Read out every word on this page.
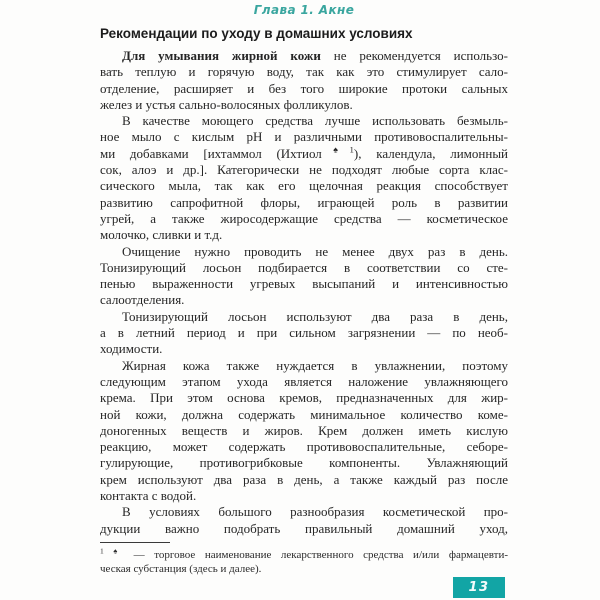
Глава 1. Акне
Рекомендации по уходу в домашних условиях
Для умывания жирной кожи не рекомендуется использо-
вать теплую и горячую воду, так как это стимулирует сало-
отделение, расширяет и без того широкие протоки сальных
желез и устья сально-волосяных фолликулов.
В качестве моющего средства лучше использовать безмыль-
ное мыло с кислым pH и различными противовоспалительны-
ми добавками [ихтаммол (Ихтиол$^{♠1}$), календула, лимонный
сок, алоэ и др.]. Категорически не подходят любые сорта клас-
сического мыла, так как его щелочная реакция способствует
развитию сапрофитной флоры, играющей роль в развитии
угрей, а также жиросодержащие средства — косметическое
молочко, сливки и т.д.
Очищение нужно проводить не менее двух раз в день.
Тонизирующий лосьон подбирается в соответствии со сте-
пенью выраженности угревых высыпаний и интенсивностью
салоотделения.
Тонизирующий лосьон используют два раза в день,
а в летний период и при сильном загрязнении — по необ-
ходимости.
Жирная кожа также нуждается в увлажнении, поэтому
следующим этапом ухода является наложение увлажняющего
крема. При этом основа кремов, предназначенных для жир-
ной кожи, должна содержать минимальное количество коме-
доногенных веществ и жиров. Крем должен иметь кислую
реакцию, может содержать противовоспалительные, себоре-
гулирующие, противогрибковые компоненты. Увлажняющий
крем используют два раза в день, а также каждый раз после
контакта с водой.
В условиях большого разнообразия косметической про-
дукции важно подобрать правильный домашний уход,
$^1$ ♠ — торговое наименование лекарственного средства и/или фармацевти-
ческая субстанция (здесь и далее).
13
